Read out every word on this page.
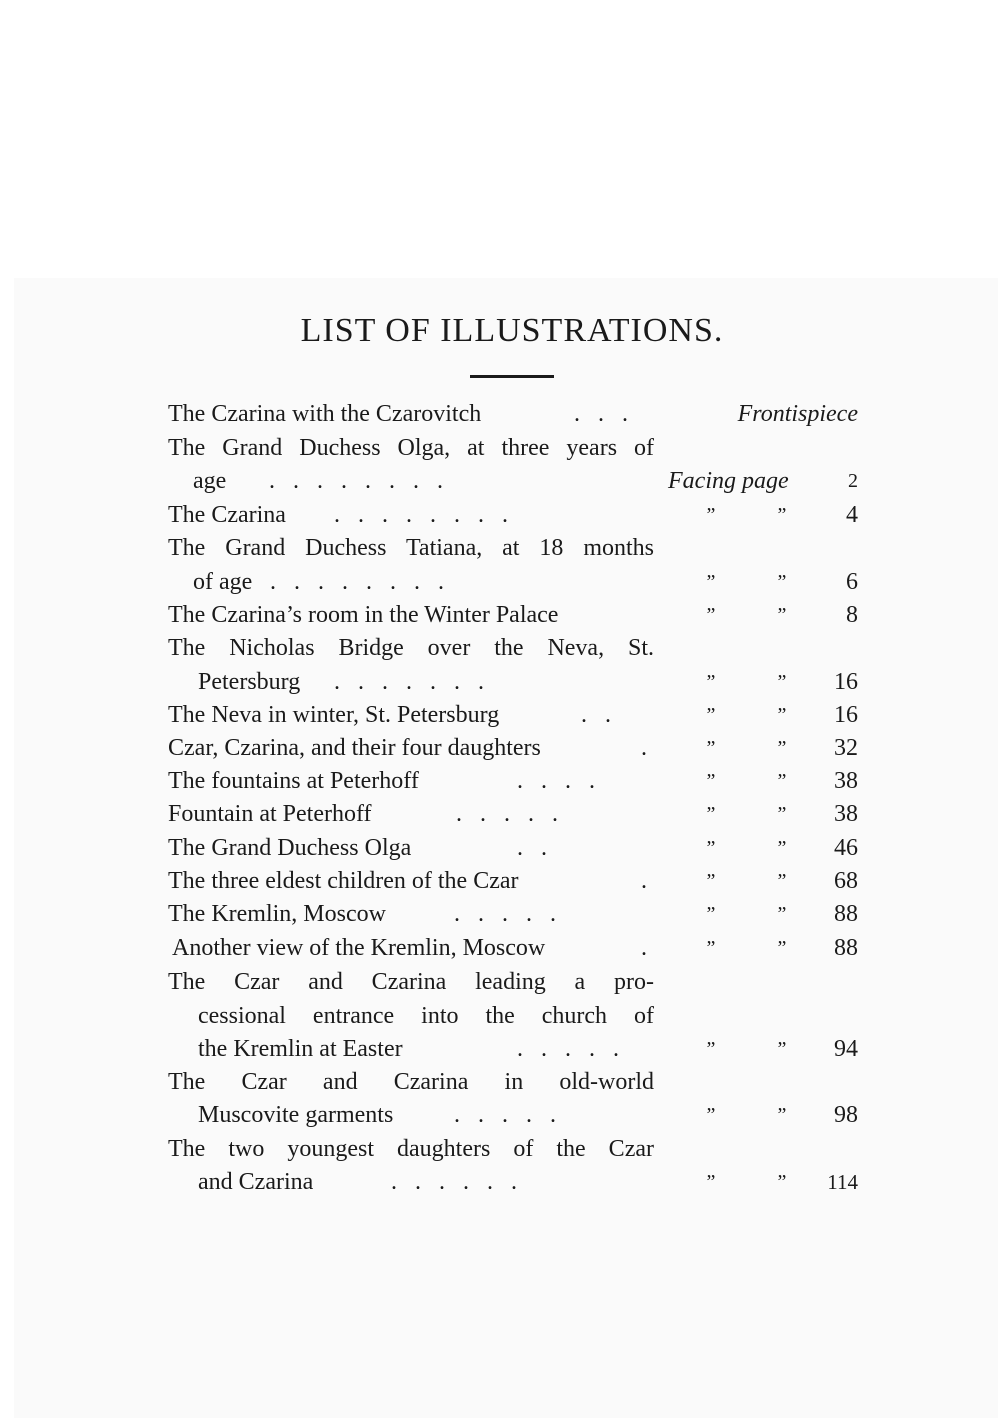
LIST OF ILLUSTRATIONS.
The Czarina with the Czarovitch	.   .   .	Frontispiece
The Grand Duchess Olga, at three years of
age .   .   .   .   .   .   .   .	Facing page	2
The Czarina .   .   .   .   .   .   .   .	”	”	4
The Grand Duchess Tatiana, at 18 months
of age .   .   .   .   .   .   .   .	”	”	6
The Czarina’s room in the Winter Palace	”	”	8
The Nicholas Bridge over the Neva, St.
Petersburg .   .   .   .   .   .   .	”	”	16
The Neva in winter, St. Petersburg	.   .	”	”	16
Czar, Czarina, and their four daughters	.	”	”	32
The fountains at Peterhoff	.   .   .   .	”	”	38
Fountain at Peterhoff	.   .   .   .   .	”	”	38
The Grand Duchess Olga	.   .	”	”	46
The three eldest children of the Czar	.	”	”	68
The Kremlin, Moscow	.   .   .   .   .	”	”	88
Another view of the Kremlin, Moscow	.	”	”	88
The Czar and Czarina leading a pro-
cessional entrance into the church of
the Kremlin at Easter	.   .   .   .   .	”	”	94
The Czar and Czarina in old-world
Muscovite garments	.   .   .   .   .	”	”	98
The two youngest daughters of the Czar
and Czarina	.   .   .   .   .   .	”	”	114
